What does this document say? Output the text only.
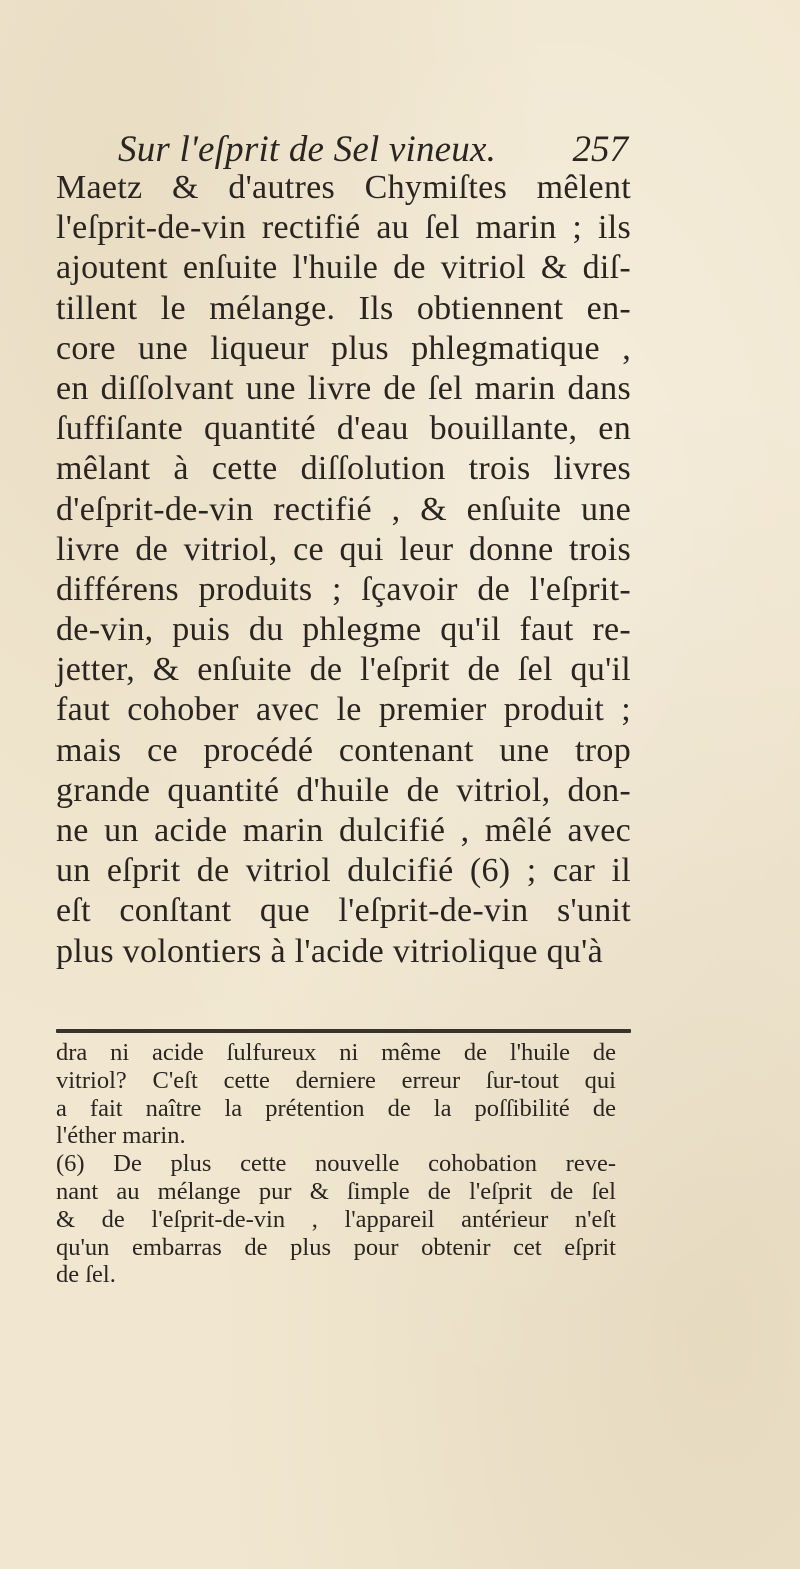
Sur l'eſprit de Sel vineux. 257
Maetz & d'autres Chymiſtes mêlent
l'eſprit-de-vin rectifié au ſel marin ; ils
ajoutent enſuite l'huile de vitriol & diſ-
tillent le mélange. Ils obtiennent en-
core une liqueur plus phlegmatique ,
en diſſolvant une livre de ſel marin dans
ſuffiſante quantité d'eau bouillante, en
mêlant à cette diſſolution trois livres
d'eſprit-de-vin rectifié , & enſuite une
livre de vitriol, ce qui leur donne trois
différens produits ; ſçavoir de l'eſprit-
de-vin, puis du phlegme qu'il faut re-
jetter, & enſuite de l'eſprit de ſel qu'il
faut cohober avec le premier produit ;
mais ce procédé contenant une trop
grande quantité d'huile de vitriol, don-
ne un acide marin dulcifié , mêlé avec
un eſprit de vitriol dulcifié (6) ; car il
eſt conſtant que l'eſprit-de-vin s'unit
plus volontiers à l'acide vitriolique qu'à
dra ni acide ſulfureux ni même de l'huile de
vitriol? C'eſt cette derniere erreur ſur-tout qui
a fait naître la prétention de la poſſibilité de
l'éther marin.
(6) De plus cette nouvelle cohobation reve-
nant au mélange pur & ſimple de l'eſprit de ſel
& de l'eſprit-de-vin , l'appareil antérieur n'eſt
qu'un embarras de plus pour obtenir cet eſprit
de ſel.
